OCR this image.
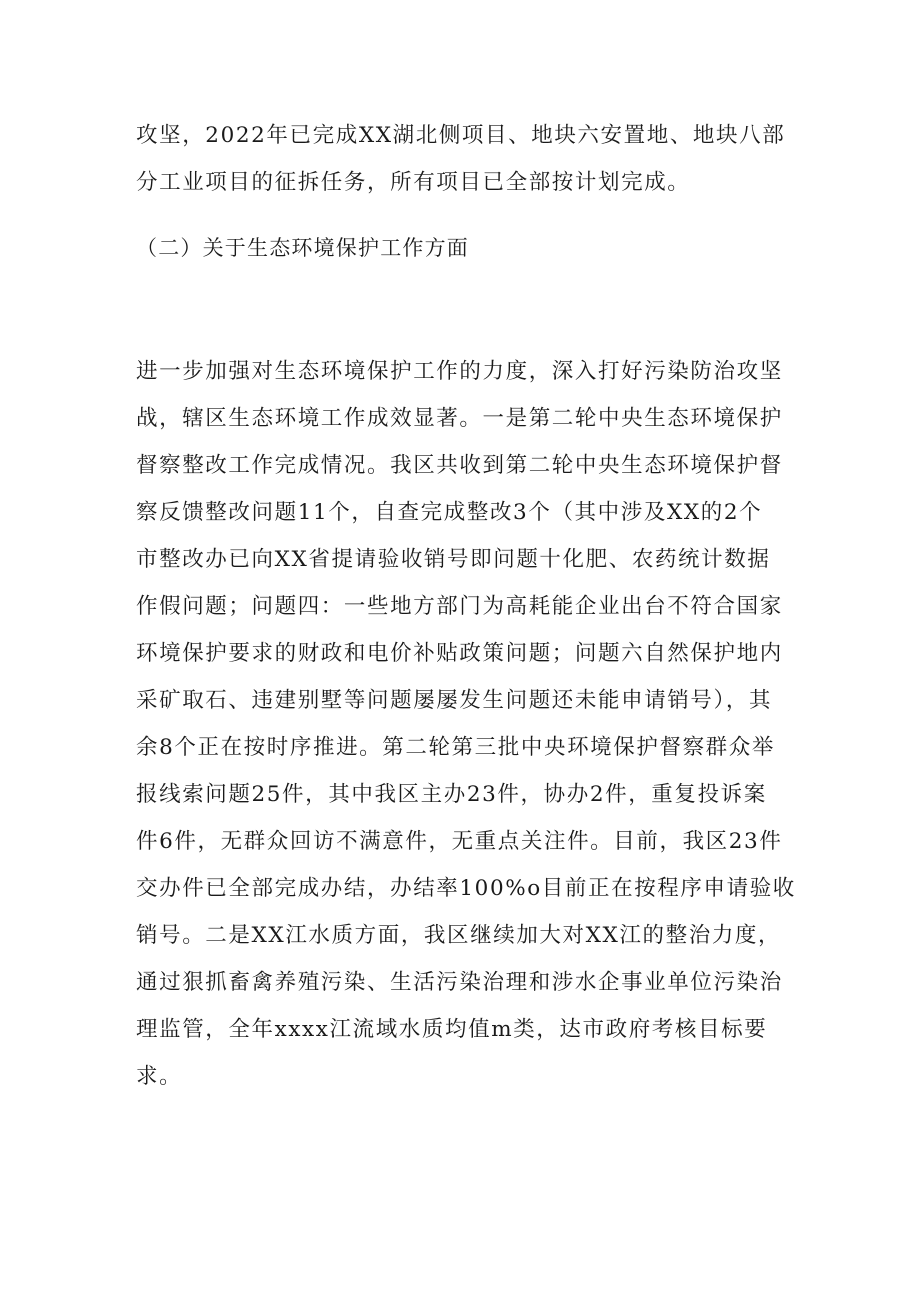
攻坚，2022年已完成XX湖北侧项目、地块六安置地、地块八部
分工业项目的征拆任务，所有项目已全部按计划完成。
（二）关于生态环境保护工作方面
进一步加强对生态环境保护工作的力度，深入打好污染防治攻坚
战，辖区生态环境工作成效显著。一是第二轮中央生态环境保护
督察整改工作完成情况。我区共收到第二轮中央生态环境保护督
察反馈整改问题11个，自查完成整改3个（其中涉及XX的2个
市整改办已向XX省提请验收销号即问题十化肥、农药统计数据
作假问题；问题四：一些地方部门为高耗能企业出台不符合国家
环境保护要求的财政和电价补贴政策问题；问题六自然保护地内
采矿取石、违建别墅等问题屡屡发生问题还未能申请销号），其
余8个正在按时序推进。第二轮第三批中央环境保护督察群众举
报线索问题25件，其中我区主办23件，协办2件，重复投诉案
件6件，无群众回访不满意件，无重点关注件。目前，我区23件
交办件已全部完成办结，办结率100%o目前正在按程序申请验收
销号。二是XX江水质方面，我区继续加大对XX江的整治力度，
通过狠抓畜禽养殖污染、生活污染治理和涉水企事业单位污染治
理监管，全年xxxx江流域水质均值m类，达市政府考核目标要
求。
